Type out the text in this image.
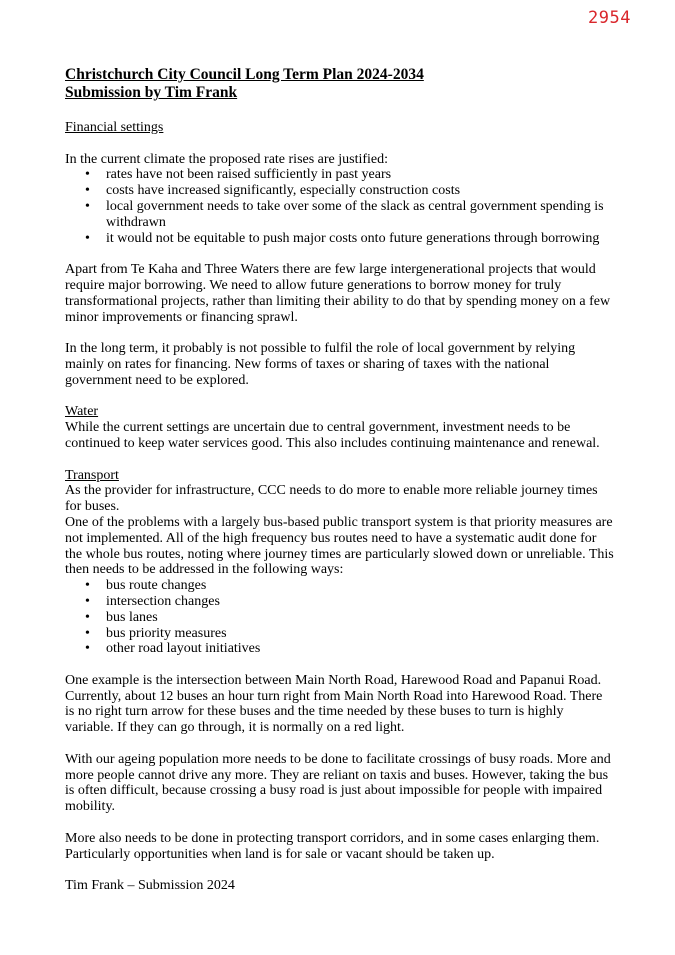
2954
Christchurch City Council Long Term Plan 2024-2034
Submission by Tim Frank

Financial settings

In the current climate the proposed rate rises are justified:

• rates have not been raised sufficiently in past years
• costs have increased significantly, especially construction costs
• local government needs to take over some of the slack as central government spending is withdrawn
• it would not be equitable to push major costs onto future generations through borrowing

Apart from Te Kaha and Three Waters there are few large intergenerational projects that would require major borrowing. We need to allow future generations to borrow money for truly transformational projects, rather than limiting their ability to do that by spending money on a few minor improvements or financing sprawl.

In the long term, it probably is not possible to fulfil the role of local government by relying mainly on rates for financing. New forms of taxes or sharing of taxes with the national government need to be explored.

Water

While the current settings are uncertain due to central government, investment needs to be continued to keep water services good. This also includes continuing maintenance and renewal.

Transport

As the provider for infrastructure, CCC needs to do more to enable more reliable journey times for buses.

One of the problems with a largely bus-based public transport system is that priority measures are not implemented. All of the high frequency bus routes need to have a systematic audit done for the whole bus routes, noting where journey times are particularly slowed down or unreliable. This then needs to be addressed in the following ways:

• bus route changes
• intersection changes
• bus lanes
• bus priority measures
• other road layout initiatives

One example is the intersection between Main North Road, Harewood Road and Papanui Road. Currently, about 12 buses an hour turn right from Main North Road into Harewood Road. There is no right turn arrow for these buses and the time needed by these buses to turn is highly variable. If they can go through, it is normally on a red light.

With our ageing population more needs to be done to facilitate crossings of busy roads. More and more people cannot drive any more. They are reliant on taxis and buses. However, taking the bus is often difficult, because crossing a busy road is just about impossible for people with impaired mobility.

More also needs to be done in protecting transport corridors, and in some cases enlarging them. Particularly opportunities when land is for sale or vacant should be taken up.

Tim Frank – Submission 2024
